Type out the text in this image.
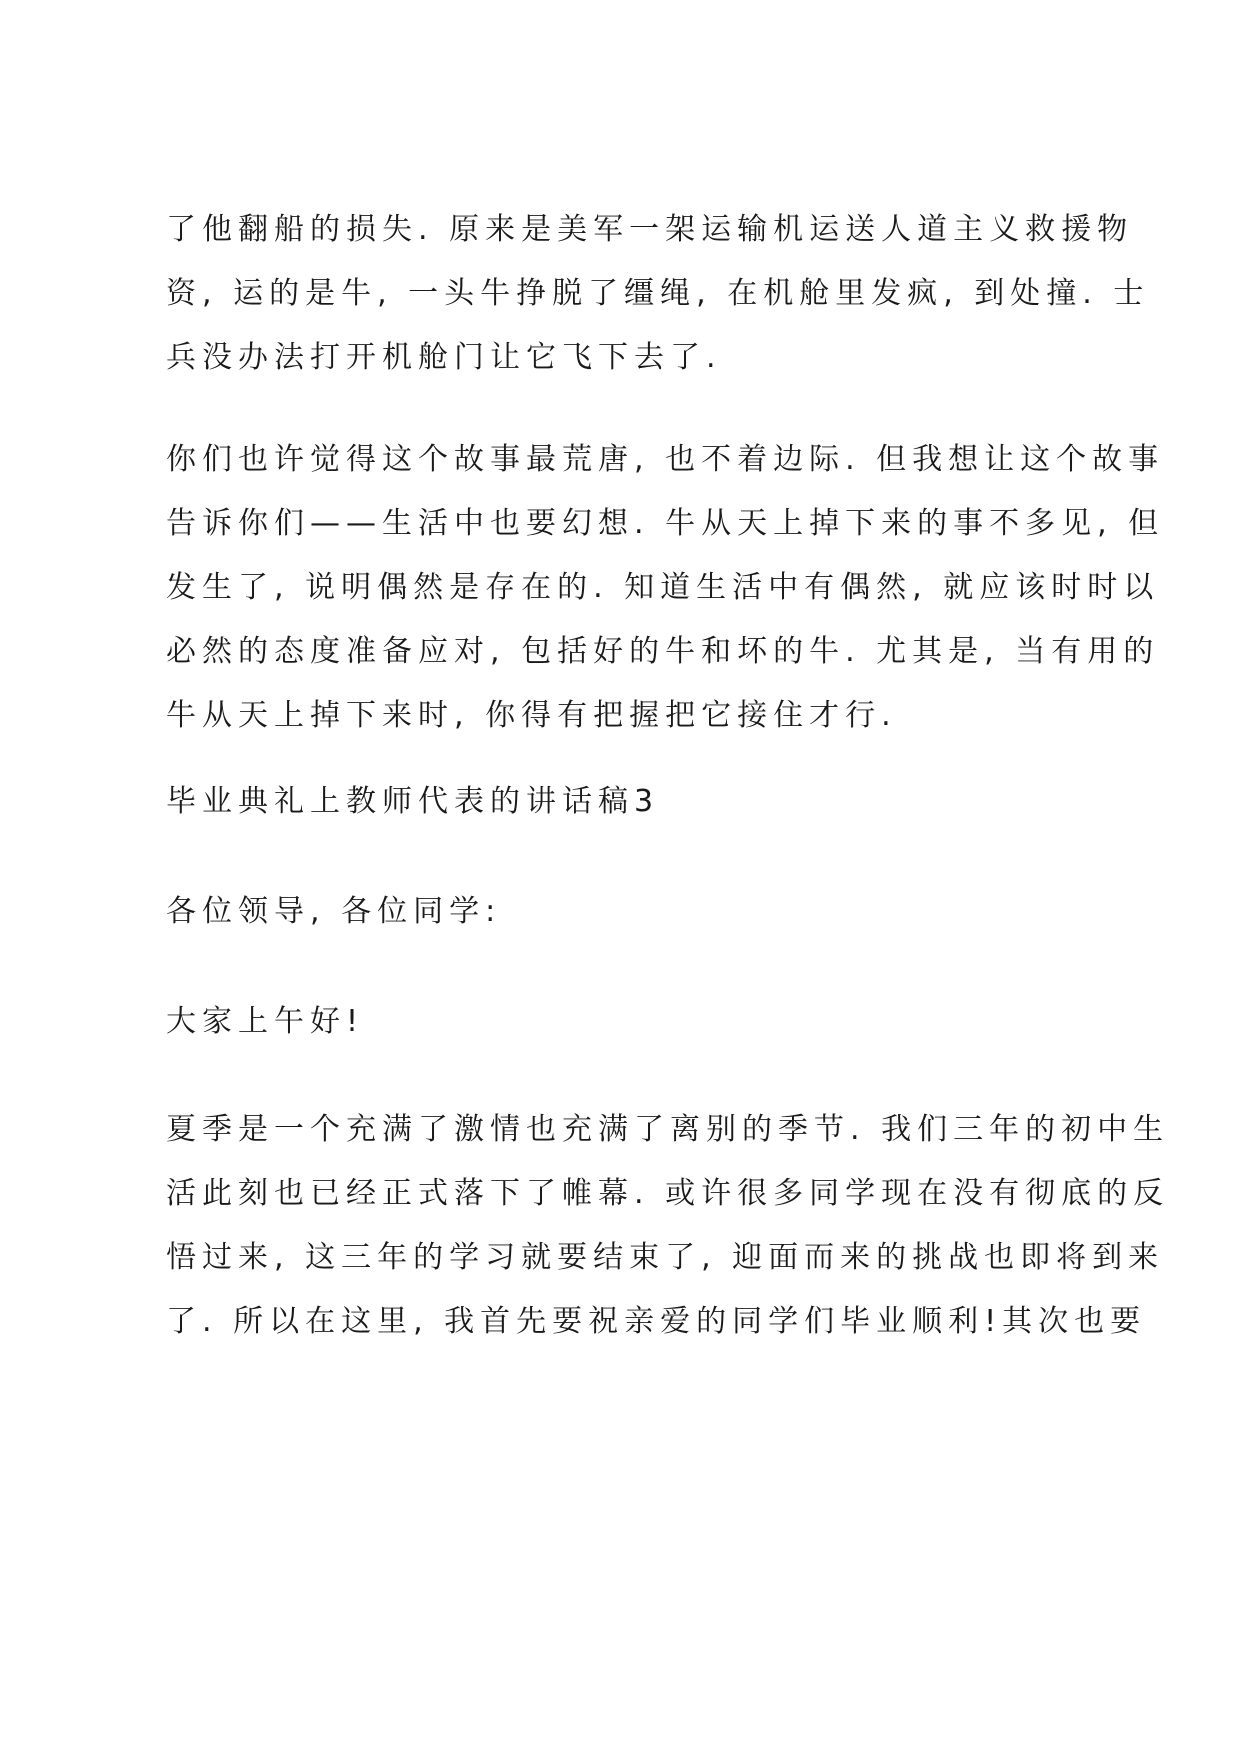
了他翻船的损失. 原来是美军一架运输机运送人道主义救援物
资, 运的是牛, 一头牛挣脱了缰绳, 在机舱里发疯, 到处撞. 士
兵没办法打开机舱门让它飞下去了.
你们也许觉得这个故事最荒唐, 也不着边际. 但我想让这个故事
告诉你们——生活中也要幻想. 牛从天上掉下来的事不多见, 但
发生了, 说明偶然是存在的. 知道生活中有偶然, 就应该时时以
必然的态度准备应对, 包括好的牛和坏的牛. 尤其是, 当有用的
牛从天上掉下来时, 你得有把握把它接住才行.
毕业典礼上教师代表的讲话稿3
各位领导, 各位同学:
大家上午好!
夏季是一个充满了激情也充满了离别的季节. 我们三年的初中生
活此刻也已经正式落下了帷幕. 或许很多同学现在没有彻底的反
悟过来, 这三年的学习就要结束了, 迎面而来的挑战也即将到来
了. 所以在这里, 我首先要祝亲爱的同学们毕业顺利!其次也要
